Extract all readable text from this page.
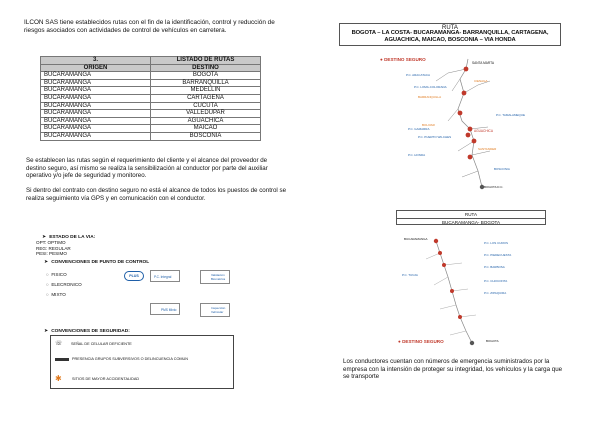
ILCON SAS tiene establecidos rutas con el fin de la identificación, control y reducción de riesgos asociados con actividades de control de vehículos en carretera.

3.	LISTADO DE RUTAS
ORIGEN	DESTINO
BUCARAMANGA	BOGOTA
BUCARAMANGA	BARRANQUILLA
BUCARAMANGA	MEDELLIN
BUCARAMANGA	CARTAGENA
BUCARAMANGA	CUCUTA
BUCARAMANGA	VALLEDUPAR
BUCARAMANGA	AGUACHICA
BUCARAMANGA	MAICAO
BUCARAMANGA	BOSCONIA

Se establecen las rutas según el requerimiento del cliente y el alcance del proveedor de destino seguro, así mismo se realiza la sensibilización al conductor por parte del auxiliar operativo y/o jefe de seguridad y monitoreo.

Si dentro del contrato con destino seguro no está el alcance de todos los puestos de control se realiza seguimiento vía GPS y en comunicación con el conductor.

➤ ESTADO DE LA VIA:
OPT: OPTIMO
REG: REGULAR
PESI: PESIMO
➤ CONVENCIONES DE PUNTO DE CONTROL
○ FISICO
○ ELECRONICO
○ MIXTO
PLUS	P.C. Integral	Validación Biométrica
PMS Mixto	Inspección Vehicular
➤ CONVENCIONES DE SEGURIDAD:
☏ SEÑAL DE CELULAR DEFICIENTE
PRESENCIA GRUPOS SUBVERSIVOS O DELINCUENCIA COMUN
✱	SITIOS DE MAYOR ACCIDENTALIDAD
RUTA
BOGOTA – LA COSTA- BUCARAMANGA- BARRANQUILLA, CARTAGENA, AGUACHICA, MAICAO, BOSCONIA – VIA HONDA
● DESTINO SEGURO
SANTA MARTA
P.C. ARACATACA
CIENAGA
P.C. LOMA-COLORADA
BARRANQUILLA
P.C. TAMALAMEQUE
BOLIVAR
AGUACHICA
P.C. GAMARRA
P.C. PUERTO WILCHES
SANTANDER
P.C. HONDA
BOSCONIA
BOGOTA D.C.
RUTA
BUCARAMANGA- BOGOTA
BUCARAMANGA
P.C. LOS CUROS
P.C. PIEDECUESTA
P.C. BARBOSA
P.C. TUNJA
P.C. CHOCONTA
P.C. ZIPAQUIRA
BOGOTA
● DESTINO SEGURO

Los conductores cuentan con números de emergencia suministrados por la empresa con la intensión de proteger su integridad, los vehículos y la carga que se transporte
